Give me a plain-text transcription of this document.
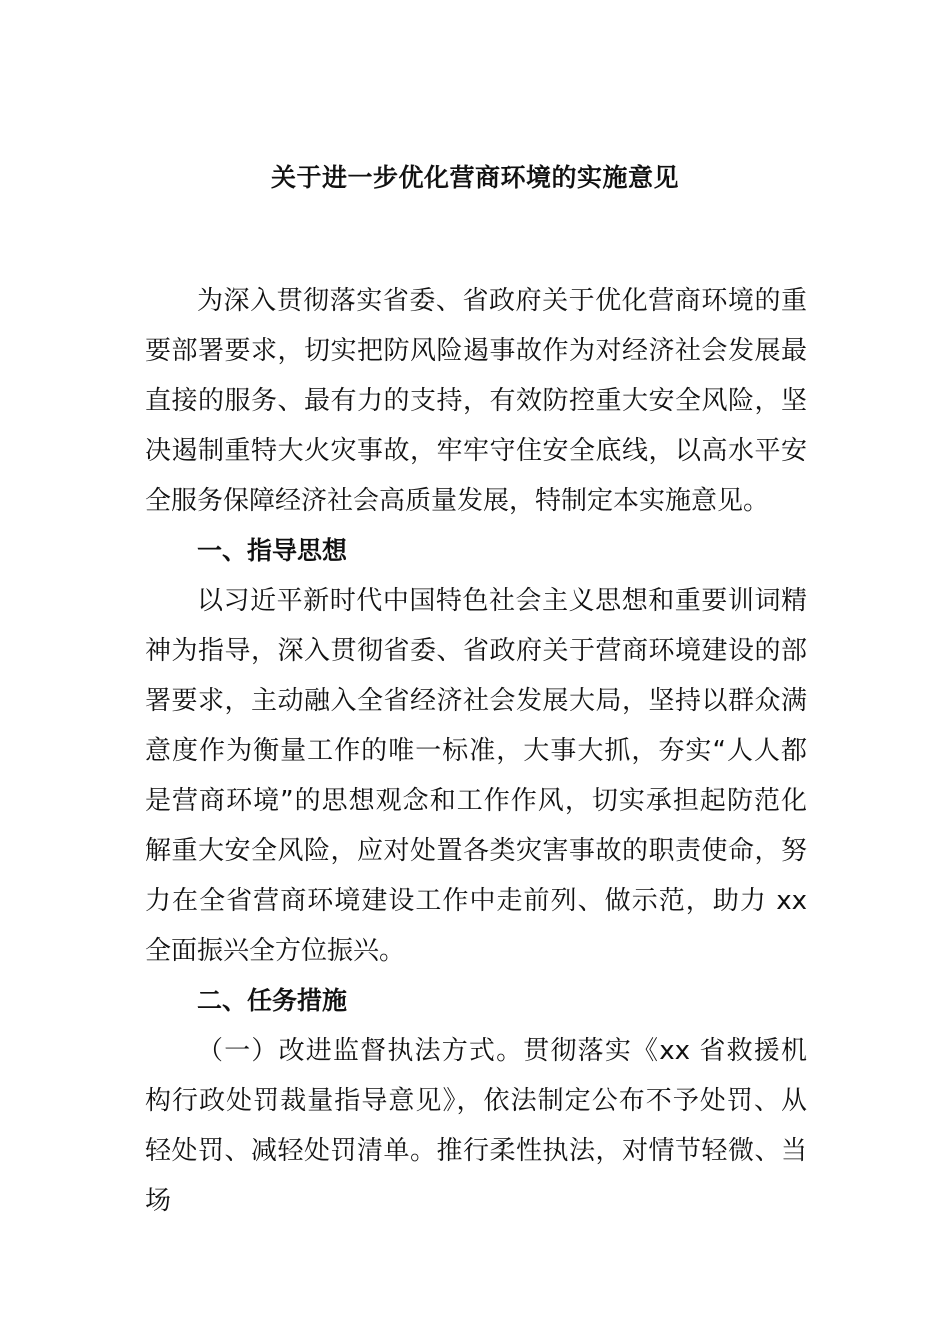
关于进一步优化营商环境的实施意见

为深入贯彻落实省委、省政府关于优化营商环境的重要部署要求，切实把防风险遏事故作为对经济社会发展最直接的服务、最有力的支持，有效防控重大安全风险，坚决遏制重特大火灾事故，牢牢守住安全底线，以高水平安全服务保障经济社会高质量发展，特制定本实施意见。

一、指导思想

以习近平新时代中国特色社会主义思想和重要训词精神为指导，深入贯彻省委、省政府关于营商环境建设的部署要求，主动融入全省经济社会发展大局，坚持以群众满意度作为衡量工作的唯一标准，大事大抓，夯实“人人都是营商环境”的思想观念和工作作风，切实承担起防范化解重大安全风险，应对处置各类灾害事故的职责使命，努力在全省营商环境建设工作中走前列、做示范，助力 xx 全面振兴全方位振兴。

二、任务措施

（一）改进监督执法方式。贯彻落实《xx 省救援机构行政处罚裁量指导意见》，依法制定公布不予处罚、从轻处罚、减轻处罚清单。推行柔性执法，对情节轻微、当场
